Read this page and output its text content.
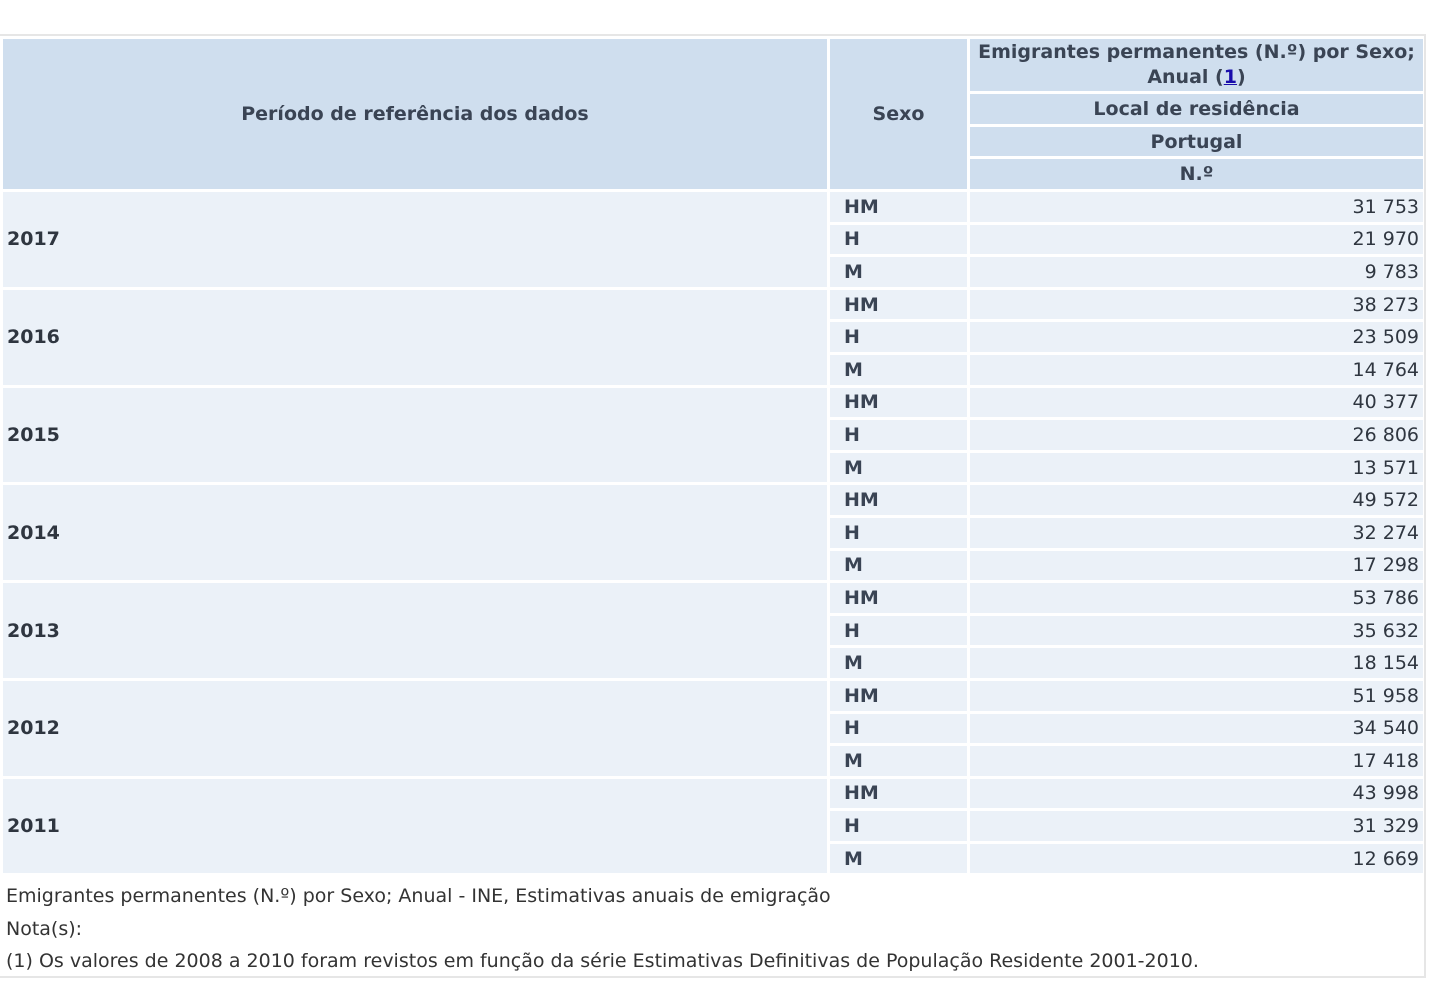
Período de referência dos dados	Sexo	Emigrantes permanentes (N.º) por Sexo; Anual (1)
		Local de residência
		Portugal
		N.º
2017	HM	31 753
	H	21 970
	M	9 783
2016	HM	38 273
	H	23 509
	M	14 764
2015	HM	40 377
	H	26 806
	M	13 571
2014	HM	49 572
	H	32 274
	M	17 298
2013	HM	53 786
	H	35 632
	M	18 154
2012	HM	51 958
	H	34 540
	M	17 418
2011	HM	43 998
	H	31 329
	M	12 669
Emigrantes permanentes (N.º) por Sexo; Anual - INE, Estimativas anuais de emigração
Nota(s):
(1) Os valores de 2008 a 2010 foram revistos em função da série Estimativas Definitivas de População Residente 2001-2010.
